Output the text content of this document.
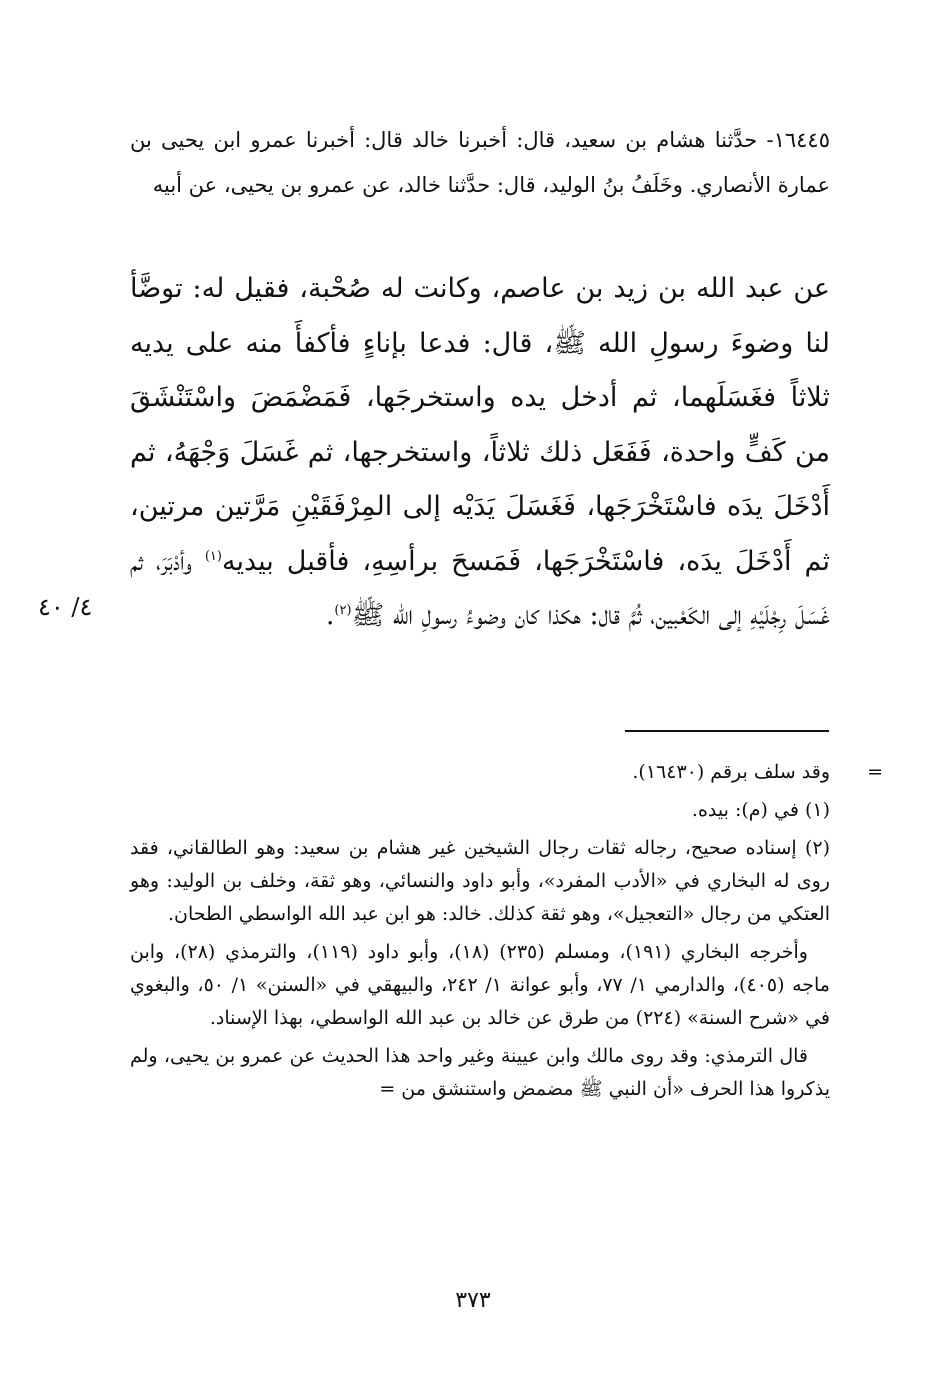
١٦٤٤٥- حدَّثنا هشام بن سعيد، قال: أخبرنا خالد قال: أخبرنا عمرو ابن يحيى بن عمارة الأنصاري. وخَلَفُ بنُ الوليد، قال: حدَّثنا خالد، عن عمرو بن يحيى، عن أبيه

عن عبد الله بن زيد بن عاصم، وكانت له صُحْبة، فقيل له: توضَّأ لنا وضوءَ رسولِ الله ﷺ، قال: فدعا بإناءٍ فأكفأَ منه على يديه ثلاثاً فغَسَلَهما، ثم أدخل يده واستخرجَها، فَمَضْمَضَ واسْتَنْشَقَ من كَفٍّ واحدة، فَفَعَل ذلك ثلاثاً، واستخرجها، ثم غَسَلَ وَجْهَهُ، ثم أَدْخَلَ يدَه فاسْتَخْرَجَها، فَغَسَلَ يَدَيْه إلى المِرْفَقَيْنِ مَرَّتين مرتين، ثم أَدْخَلَ يدَه، فاسْتَخْرَجَها، فَمَسحَ برأسِهِ، فأقبل بيديه$^{(١)}$ وأدْبَرَ، ثم غَسَلَ رِجْلَيْهِ إلى الكَعْبين، ثُمَّ قال: هكذا كان وضوءُ رسولِ الله ﷺ$^{(٢)}$.

٤/ ٤٠

=
وقد سلف برقم (١٦٤٣٠).

(١) في (م): بيده.

(٢) إسناده صحيح، رجاله ثقات رجال الشيخين غير هشام بن سعيد: وهو الطالقاني، فقد روى له البخاري في «الأدب المفرد»، وأبو داود والنسائي، وهو ثقة، وخلف بن الوليد: وهو العتكي من رجال «التعجيل»، وهو ثقة كذلك. خالد: هو ابن عبد الله الواسطي الطحان.

وأخرجه البخاري (١٩١)، ومسلم (٢٣٥) (١٨)، وأبو داود (١١٩)، والترمذي (٢٨)، وابن ماجه (٤٠٥)، والدارمي ١/ ٧٧، وأبو عوانة ١/ ٢٤٢، والبيهقي في «السنن» ١/ ٥٠، والبغوي في «شرح السنة» (٢٢٤) من طرق عن خالد بن عبد الله الواسطي، بهذا الإسناد.

قال الترمذي: وقد روى مالك وابن عيينة وغير واحد هذا الحديث عن عمرو بن يحيى، ولم يذكروا هذا الحرف «أن النبي ﷺ مضمض واستنشق من =

٣٧٣
